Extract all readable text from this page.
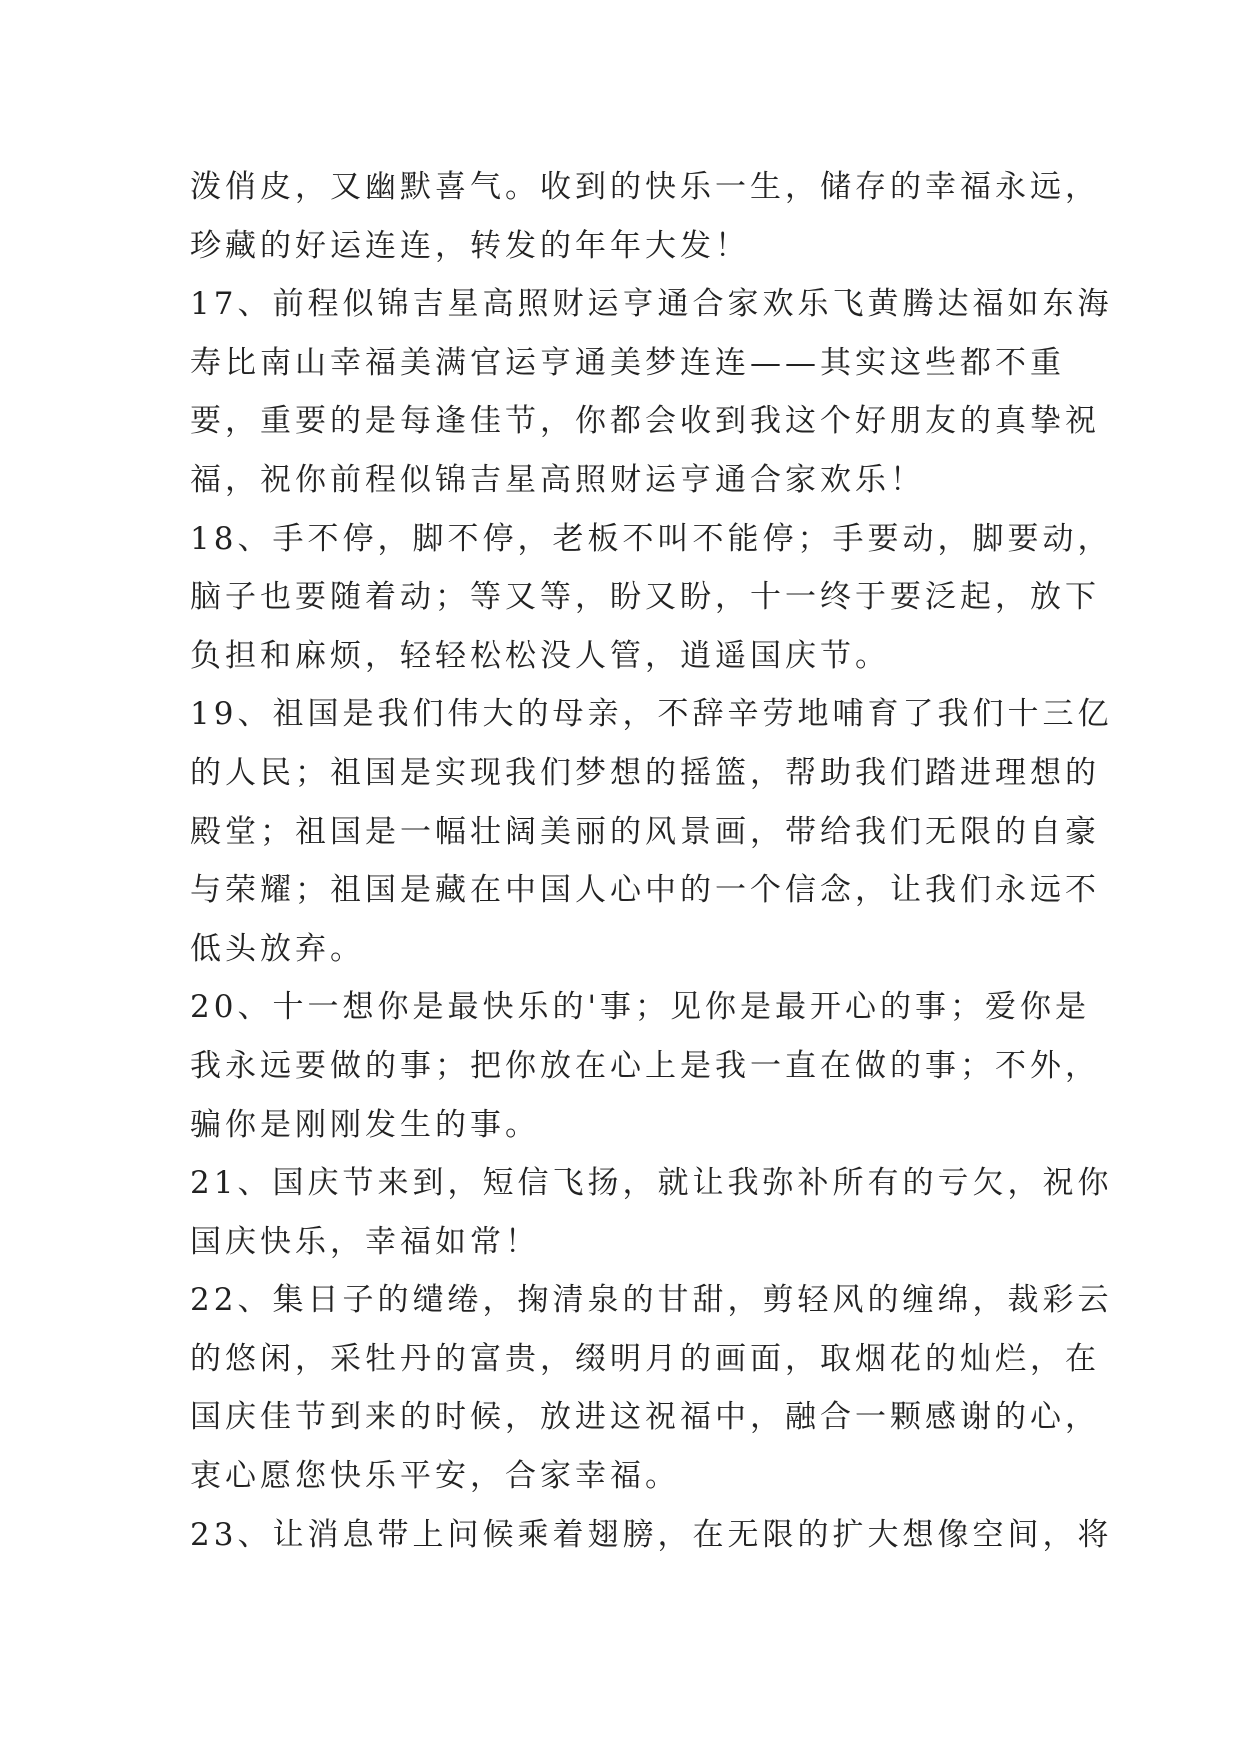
泼俏皮，又幽默喜气。收到的快乐一生，储存的幸福永远，
珍藏的好运连连，转发的年年大发！
17、前程似锦吉星高照财运亨通合家欢乐飞黄腾达福如东海
寿比南山幸福美满官运亨通美梦连连——其实这些都不重
要，重要的是每逢佳节，你都会收到我这个好朋友的真挚祝
福，祝你前程似锦吉星高照财运亨通合家欢乐！
18、手不停，脚不停，老板不叫不能停；手要动，脚要动，
脑子也要随着动；等又等，盼又盼，十一终于要泛起，放下
负担和麻烦，轻轻松松没人管，逍遥国庆节。
19、祖国是我们伟大的母亲，不辞辛劳地哺育了我们十三亿
的人民；祖国是实现我们梦想的摇篮，帮助我们踏进理想的
殿堂；祖国是一幅壮阔美丽的风景画，带给我们无限的自豪
与荣耀；祖国是藏在中国人心中的一个信念，让我们永远不
低头放弃。
20、十一想你是最快乐的'事；见你是最开心的事；爱你是
我永远要做的事；把你放在心上是我一直在做的事；不外，
骗你是刚刚发生的事。
21、国庆节来到，短信飞扬，就让我弥补所有的亏欠，祝你
国庆快乐，幸福如常！
22、集日子的缱绻，掬清泉的甘甜，剪轻风的缠绵，裁彩云
的悠闲，采牡丹的富贵，缀明月的画面，取烟花的灿烂，在
国庆佳节到来的时候，放进这祝福中，融合一颗感谢的心，
衷心愿您快乐平安，合家幸福。
23、让消息带上问候乘着翅膀，在无限的扩大想像空间，将
